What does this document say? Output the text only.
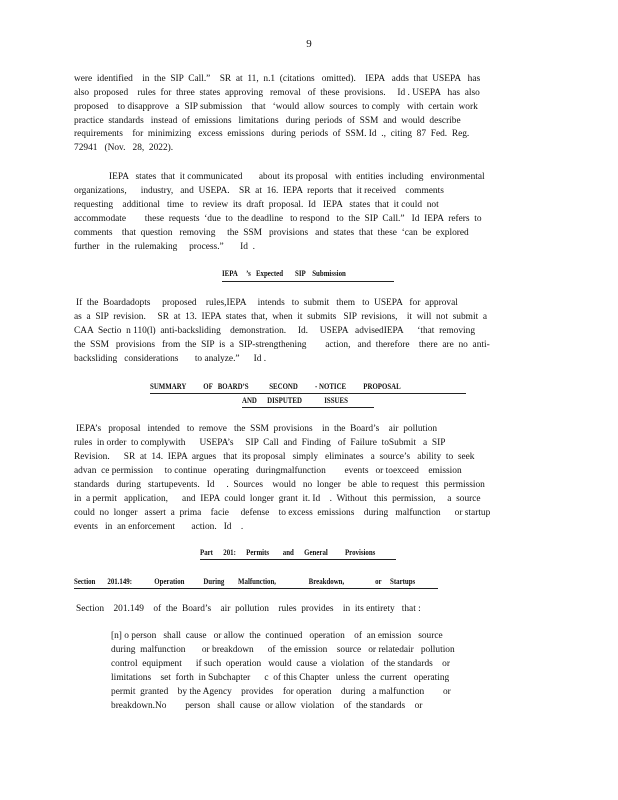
9
were  identified    in  the  SIP  Call.”    SR  at  11,  n.1  (citations   omitted).    IEPA   adds  that  USEPA   has
also  proposed    rules  for  three  states  approving   removal   of  these  provisions.     Id . USEPA   has  also
proposed    to disapprove   a  SIP submission    that   ‘would  allow  sources  to comply   with  certain  work
practice  standards   instead  of  emissions   limitations   during  periods  of  SSM  and  would  describe
requirements    for  minimizing   excess  emissions   during  periods  of  SSM. Id  .,  citing  87  Fed.  Reg.
72941   (Nov.   28,  2022).
IEPA   states  that  it communicated       about  its proposal   with  entities  including   environmental
organizations,      industry,   and  USEPA.    SR  at  16.  IEPA  reports  that  it received    comments
requesting    additional   time   to  review  its  draft  proposal.  Id   IEPA   states  that  it could  not
accommodate        these  requests  ‘due  to  the deadline   to respond   to  the  SIP  Call.”   Id  IEPA  refers  to
comments    that  question   removing     the  SSM   provisions   and  states  that  these  ‘can  be  explored
further   in  the  rulemaking     process.”       Id  .
IEPA     ’s   Expected       SIP    Submission
If  the  Boardadopts     proposed    rules,IEPA     intends   to  submit   them   to  USEPA   for  approval
as  a  SIP  revision.     SR  at  13.  IEPA  states  that,  when  it  submits   SIP  revisions,    it  will  not  submit  a
CAA  Sectio  n 110(l)  anti-backsliding    demonstration.     Id.     USEPA   advisedIEPA      ‘that  removing
the  SSM   provisions   from  the  SIP  is  a  SIP-strengthening        action,   and  therefore    there  are  no  anti-
backsliding   considerations       to analyze.”      Id .
SUMMARY          OF   BOARD’S            SECOND          - NOTICE          PROPOSAL
AND      DISPUTED             ISSUES
IEPA’s   proposal   intended   to  remove   the  SSM  provisions    in  the  Board’s    air  pollution
rules  in order  to complywith      USEPA’s     SIP  Call  and  Finding   of  Failure  toSubmit   a  SIP
Revision.      SR  at  14.  IEPA  argues   that  its proposal   simply   eliminates   a  source’s   ability  to  seek
advan  ce permission     to continue   operating   duringmalfunction        events   or toexceed    emission
standards   during   startupevents.   Id     .  Sources    would   no  longer   be  able  to request   this  permission
in  a permit   application,      and  IEPA  could  longer  grant  it. Id    .  Without   this  permission,     a  source
could  no  longer   assert  a  prima    facie     defense    to excess  emissions    during   malfunction      or startup
events   in  an enforcement       action.   Id    .
Part      201:      Permits        and      General          Provisions
Section       201.149:             Operation           During        Malfunction,                   Breakdown,                  or     Startups
Section    201.149    of  the  Board’s    air  pollution    rules  provides    in  its entirety   that :
[n] o person   shall  cause   or allow  the  continued   operation    of  an emission   source
during  malfunction       or breakdown      of  the emission    source   or relatedair   pollution
control  equipment      if such  operation   would  cause  a  violation   of  the standards    or
limitations    set  forth  in Subchapter      c  of this Chapter   unless  the  current   operating
permit  granted    by the Agency    provides    for operation    during   a malfunction        or
breakdown.No        person   shall  cause  or allow  violation    of  the standards    or
